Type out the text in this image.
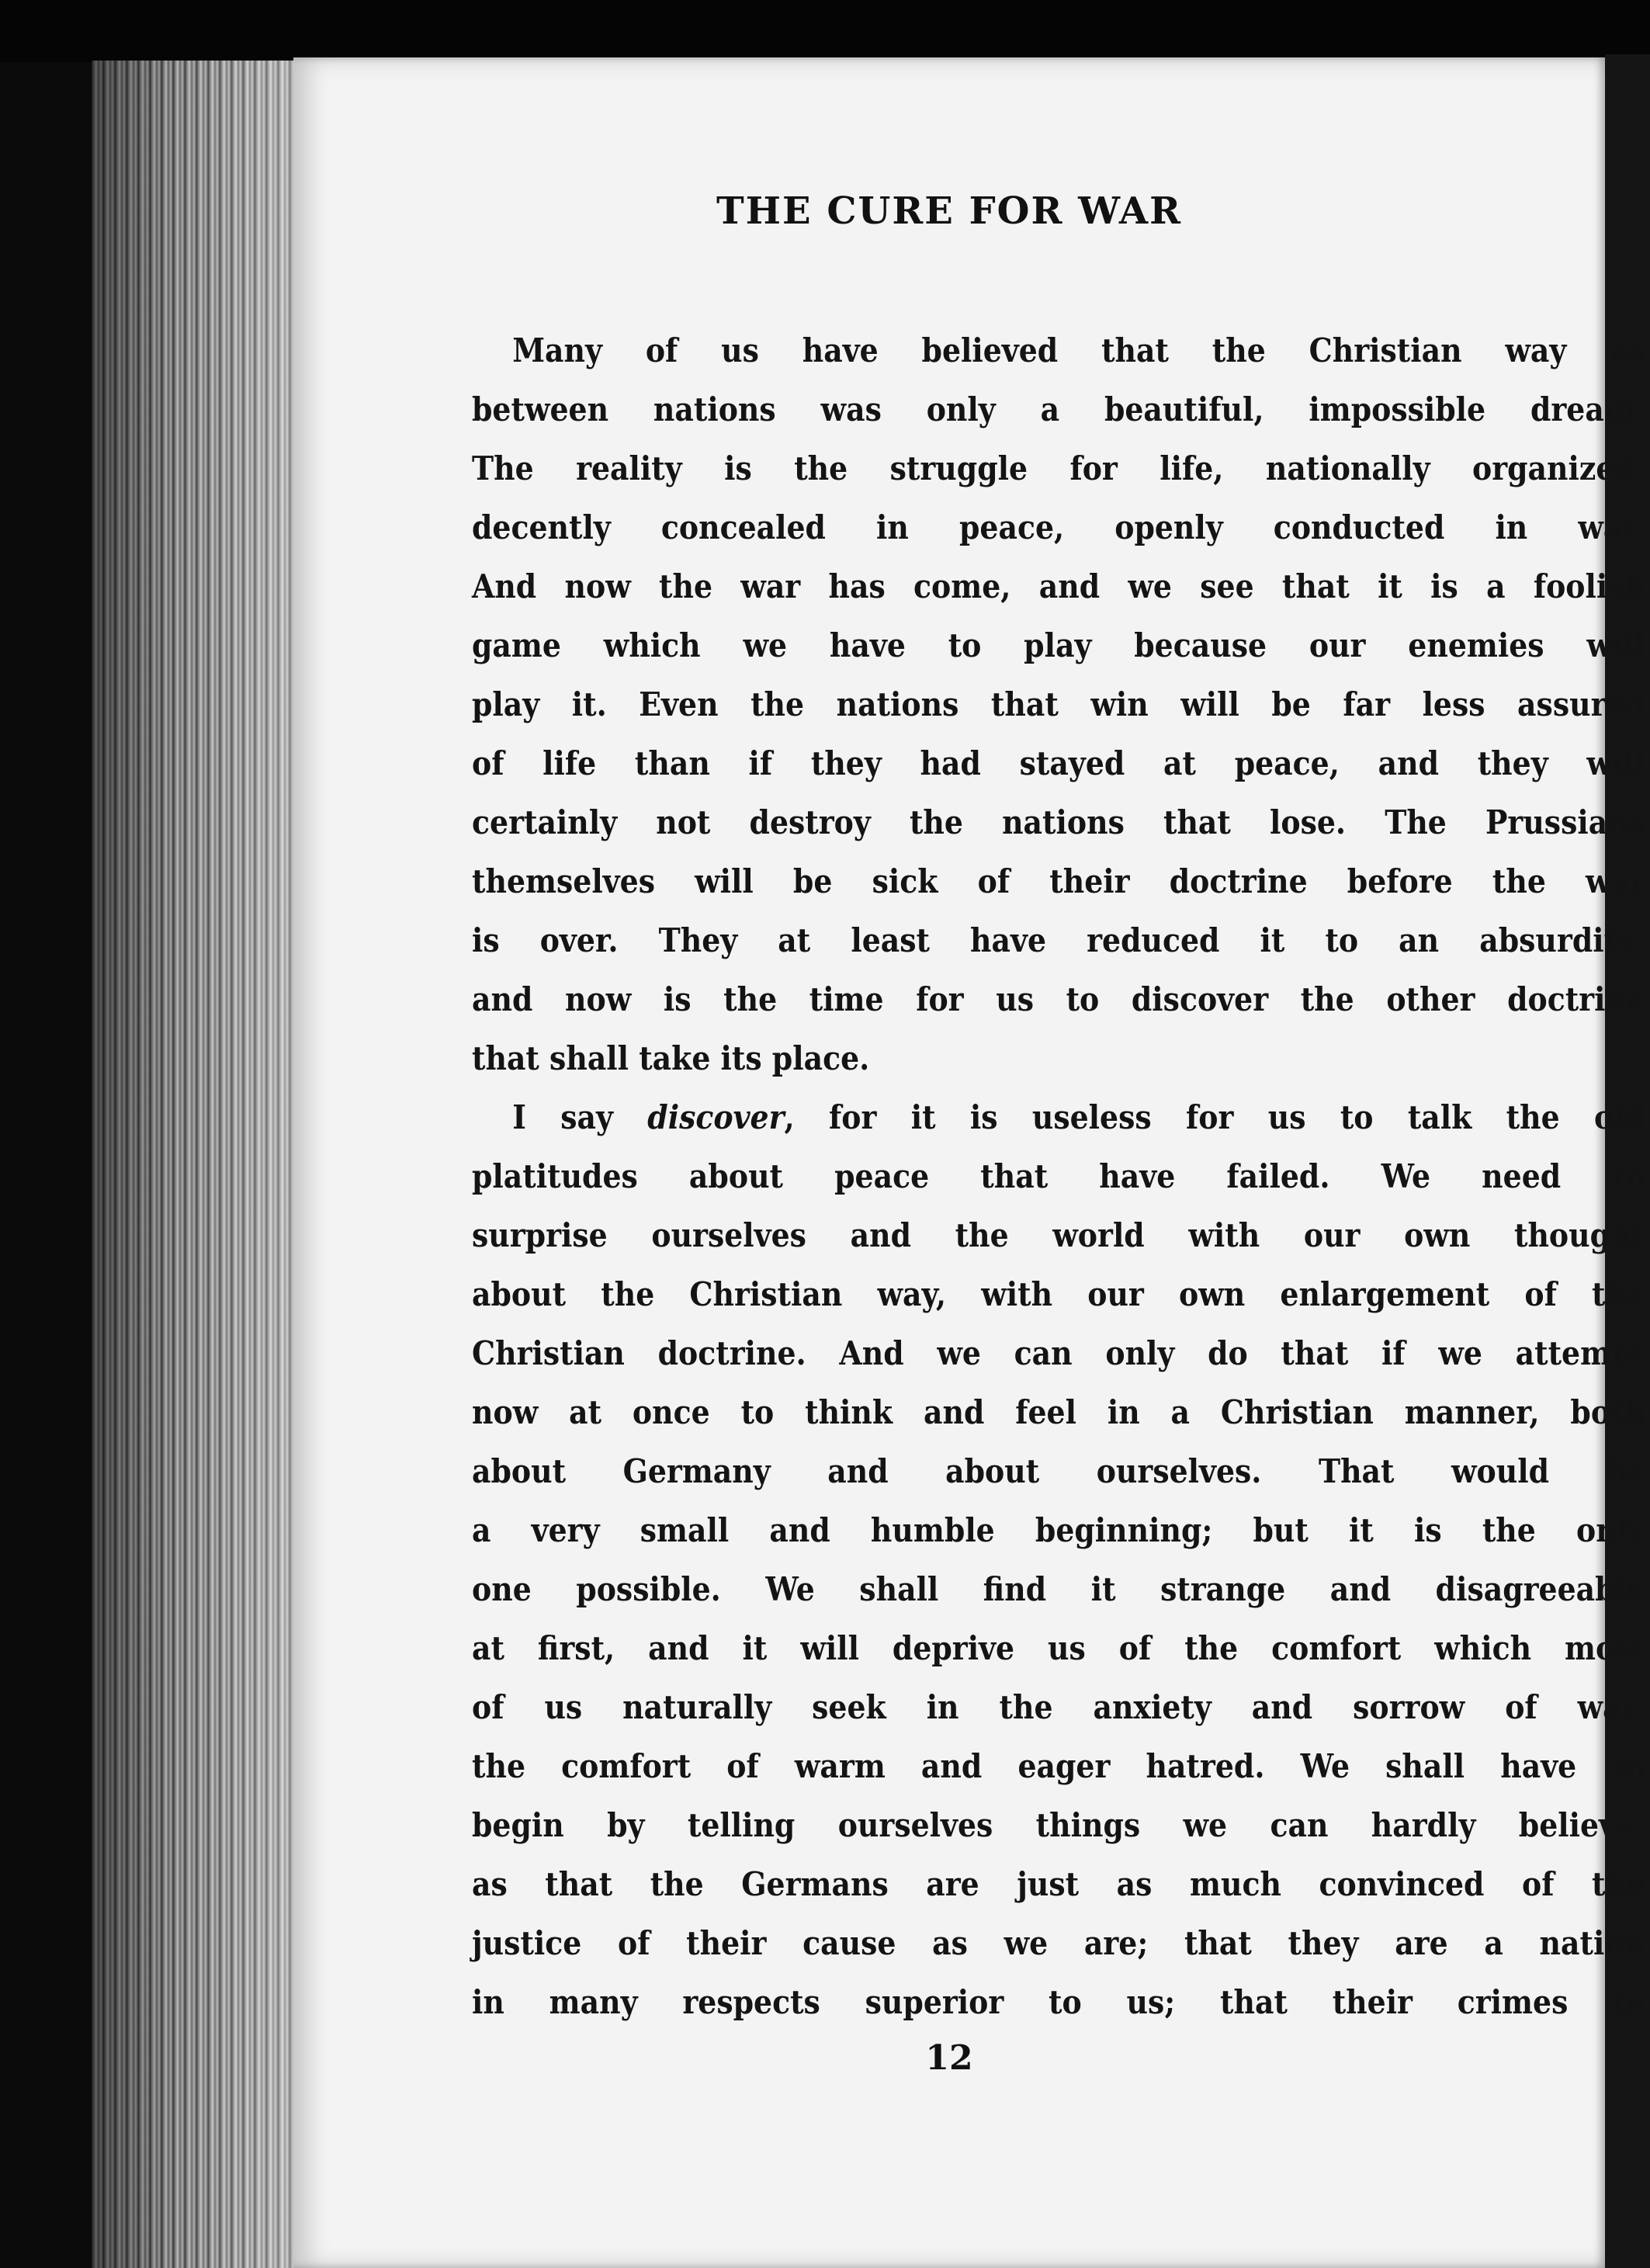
THE CURE FOR WAR
Many of us have believed that the Christian way as
between nations was only a beautiful, impossible dream.
The reality is the struggle for life, nationally organized,
decently concealed in peace, openly conducted in war.
And now the war has come, and we see that it is a foolish
game which we have to play because our enemies will
play it. Even the nations that win will be far less assured
of life than if they had stayed at peace, and they will
certainly not destroy the nations that lose. The Prussians
themselves will be sick of their doctrine before the war
is over. They at least have reduced it to an absurdity;
and now is the time for us to discover the other doctrine
that shall take its place.
I say discover, for it is useless for us to talk the old
platitudes about peace that have failed. We need to
surprise ourselves and the world with our own thought
about the Christian way, with our own enlargement of the
Christian doctrine. And we can only do that if we attempt
now at once to think and feel in a Christian manner, both
about Germany and about ourselves. That would be
a very small and humble beginning; but it is the only
one possible. We shall find it strange and disagreeable
at first, and it will deprive us of the comfort which most
of us naturally seek in the anxiety and sorrow of war,
the comfort of warm and eager hatred. We shall have to
begin by telling ourselves things we can hardly believe;
as that the Germans are just as much convinced of the
justice of their cause as we are; that they are a nation
in many respects superior to us; that their crimes in
12
